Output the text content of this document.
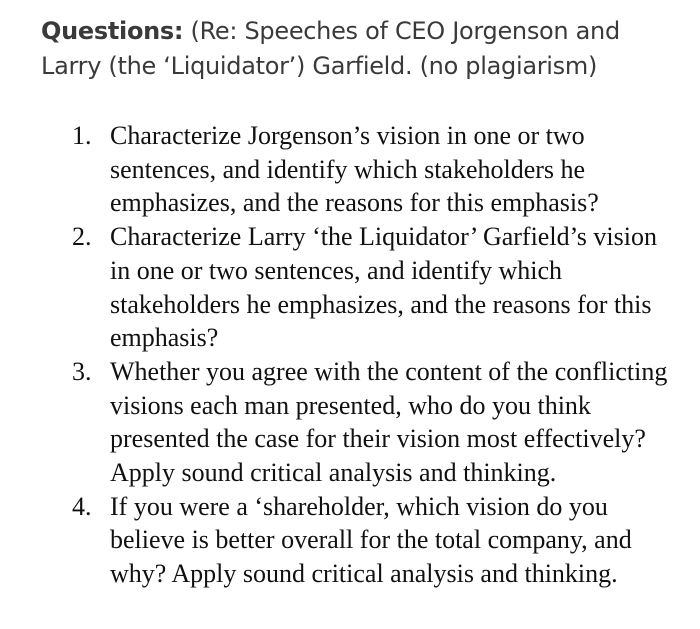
Questions: (Re: Speeches of CEO Jorgenson and Larry (the ‘Liquidator’) Garfield. (no plagiarism)

1. Characterize Jorgenson’s vision in one or two sentences, and identify which stakeholders he emphasizes, and the reasons for this emphasis?
2. Characterize Larry ‘the Liquidator’ Garfield’s vision in one or two sentences, and identify which stakeholders he emphasizes, and the reasons for this emphasis?
3. Whether you agree with the content of the conflicting visions each man presented, who do you think presented the case for their vision most effectively? Apply sound critical analysis and thinking.
4. If you were a ‘shareholder, which vision do you believe is better overall for the total company, and why? Apply sound critical analysis and thinking.
